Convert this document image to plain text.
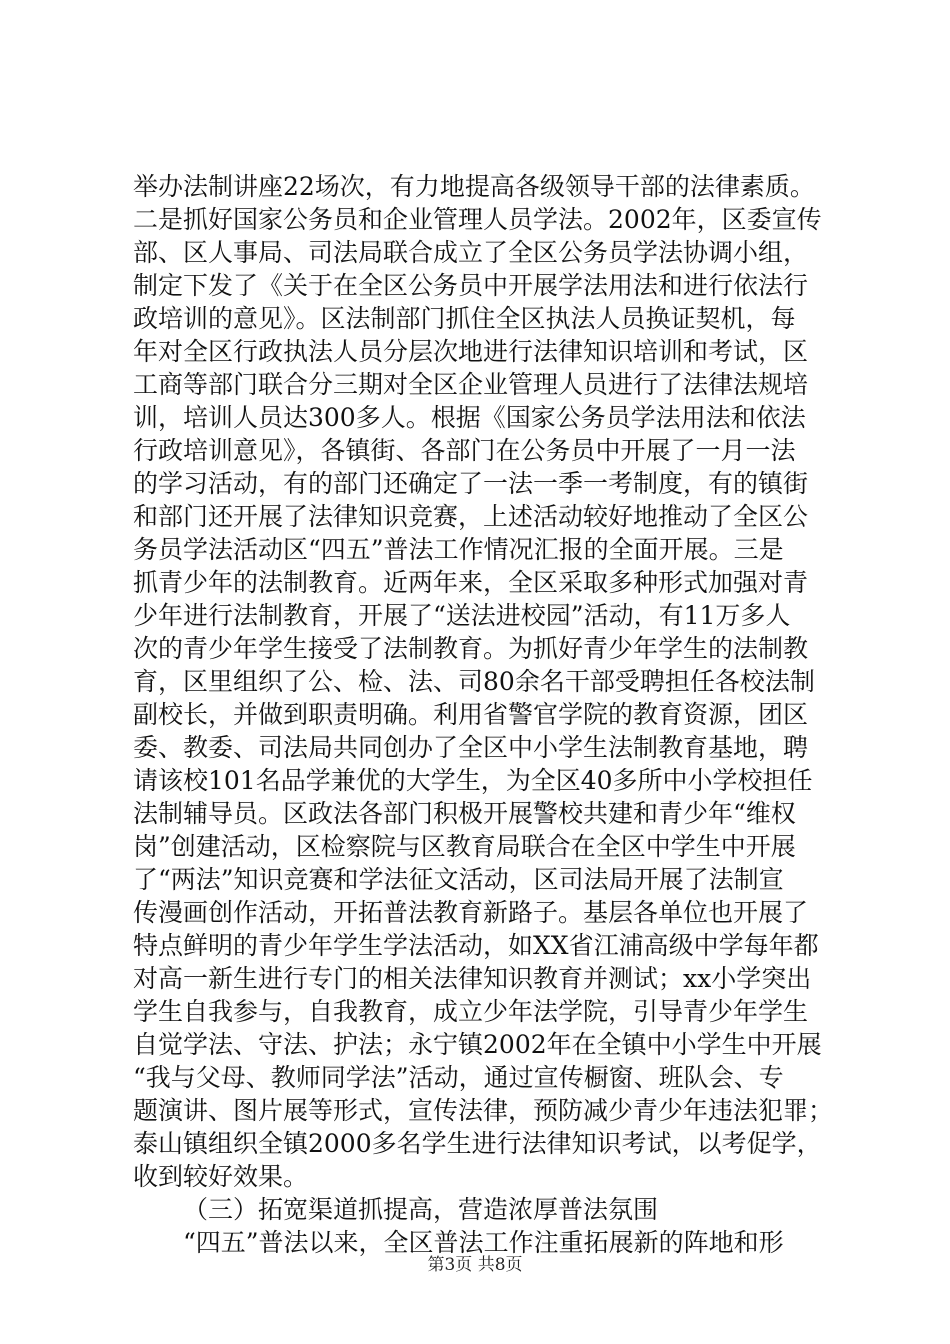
举办法制讲座22场次，有力地提高各级领导干部的法律素质。
二是抓好国家公务员和企业管理人员学法。2002年，区委宣传
部、区人事局、司法局联合成立了全区公务员学法协调小组，
制定下发了《关于在全区公务员中开展学法用法和进行依法行
政培训的意见》。区法制部门抓住全区执法人员换证契机，每
年对全区行政执法人员分层次地进行法律知识培训和考试，区
工商等部门联合分三期对全区企业管理人员进行了法律法规培
训，培训人员达300多人。根据《国家公务员学法用法和依法
行政培训意见》，各镇街、各部门在公务员中开展了一月一法
的学习活动，有的部门还确定了一法一季一考制度，有的镇街
和部门还开展了法律知识竞赛，上述活动较好地推动了全区公
务员学法活动区“四五”普法工作情况汇报的全面开展。三是
抓青少年的法制教育。近两年来，全区采取多种形式加强对青
少年进行法制教育，开展了“送法进校园”活动，有11万多人
次的青少年学生接受了法制教育。为抓好青少年学生的法制教
育，区里组织了公、检、法、司80余名干部受聘担任各校法制
副校长，并做到职责明确。利用省警官学院的教育资源，团区
委、教委、司法局共同创办了全区中小学生法制教育基地，聘
请该校101名品学兼优的大学生，为全区40多所中小学校担任
法制辅导员。区政法各部门积极开展警校共建和青少年“维权
岗”创建活动，区检察院与区教育局联合在全区中学生中开展
了“两法”知识竞赛和学法征文活动，区司法局开展了法制宣
传漫画创作活动，开拓普法教育新路子。基层各单位也开展了
特点鲜明的青少年学生学法活动，如XX省江浦高级中学每年都
对高一新生进行专门的相关法律知识教育并测试；xx小学突出
学生自我参与，自我教育，成立少年法学院，引导青少年学生
自觉学法、守法、护法；永宁镇2002年在全镇中小学生中开展
“我与父母、教师同学法”活动，通过宣传橱窗、班队会、专
题演讲、图片展等形式，宣传法律，预防减少青少年违法犯罪；
泰山镇组织全镇2000多名学生进行法律知识考试，以考促学，
收到较好效果。
（三）拓宽渠道抓提高，营造浓厚普法氛围
“四五”普法以来，全区普法工作注重拓展新的阵地和形
第3页 共8页
